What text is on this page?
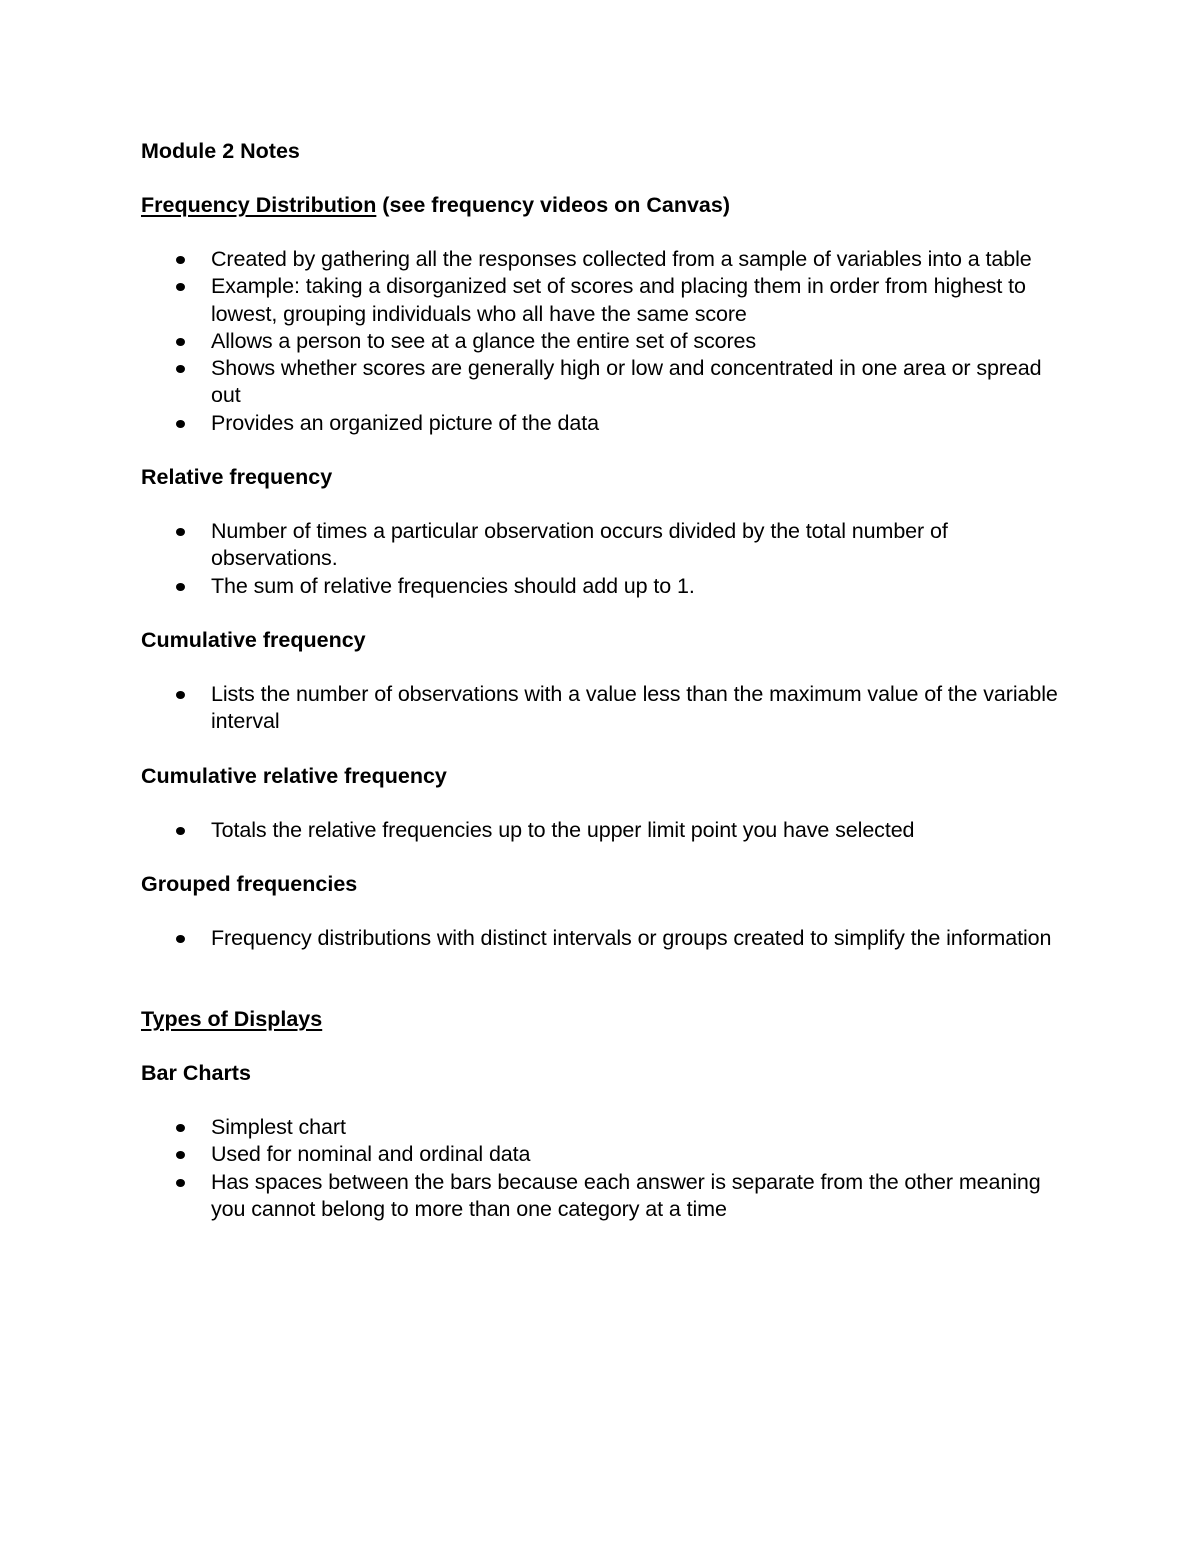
Module 2 Notes

Frequency Distribution (see frequency videos on Canvas)

Created by gathering all the responses collected from a sample of variables into a table
Example: taking a disorganized set of scores and placing them in order from highest to lowest, grouping individuals who all have the same score
Allows a person to see at a glance the entire set of scores
Shows whether scores are generally high or low and concentrated in one area or spread out
Provides an organized picture of the data

Relative frequency

Number of times a particular observation occurs divided by the total number of observations.
The sum of relative frequencies should add up to 1.

Cumulative frequency

Lists the number of observations with a value less than the maximum value of the variable interval

Cumulative relative frequency

Totals the relative frequencies up to the upper limit point you have selected

Grouped frequencies

Frequency distributions with distinct intervals or groups created to simplify the information

Types of Displays

Bar Charts

Simplest chart
Used for nominal and ordinal data
Has spaces between the bars because each answer is separate from the other meaning you cannot belong to more than one category at a time
